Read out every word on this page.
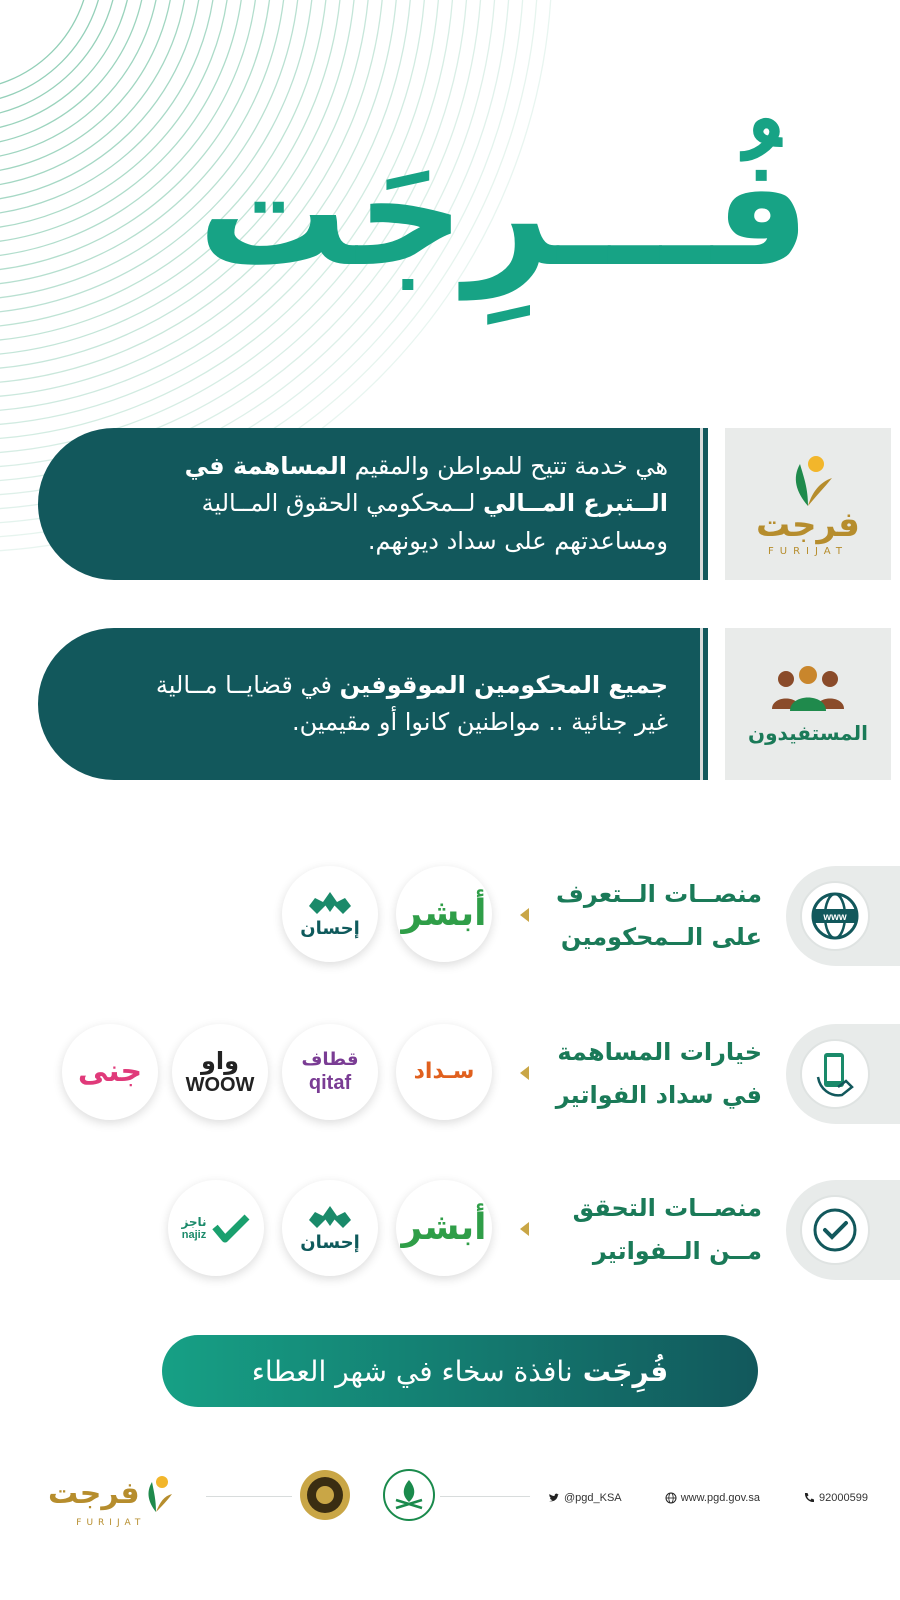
فُـــرِجَت
هي خدمة تتيح للمواطن والمقيم المساهمة في
الــتبرع المــالي لــمحكومي الحقوق المــالية
ومساعدتهم على سداد ديونهم.	فرجت
FURIJAT
جميع المحكومين الموقوفين في قضايــا مــالية
غير جنائية .. مواطنين كانوا أو مقيمين.	المستفيدون
www
منصــات الــتعرف
على الــمحكومين
أبشر
إحسان
خيارات المساهمة
في سداد الفواتير
سـداد
قطاف
qitaf
واو
WOOW
جنى
منصــات التحقق
مــن الــفواتير
أبشر
إحسان
ناجز
najiz
فُرِجَت
نافذة سخاء في شهر العطاء
فرجت
FURIJAT
@pgd_KSA	www.pgd.gov.sa	92000599
